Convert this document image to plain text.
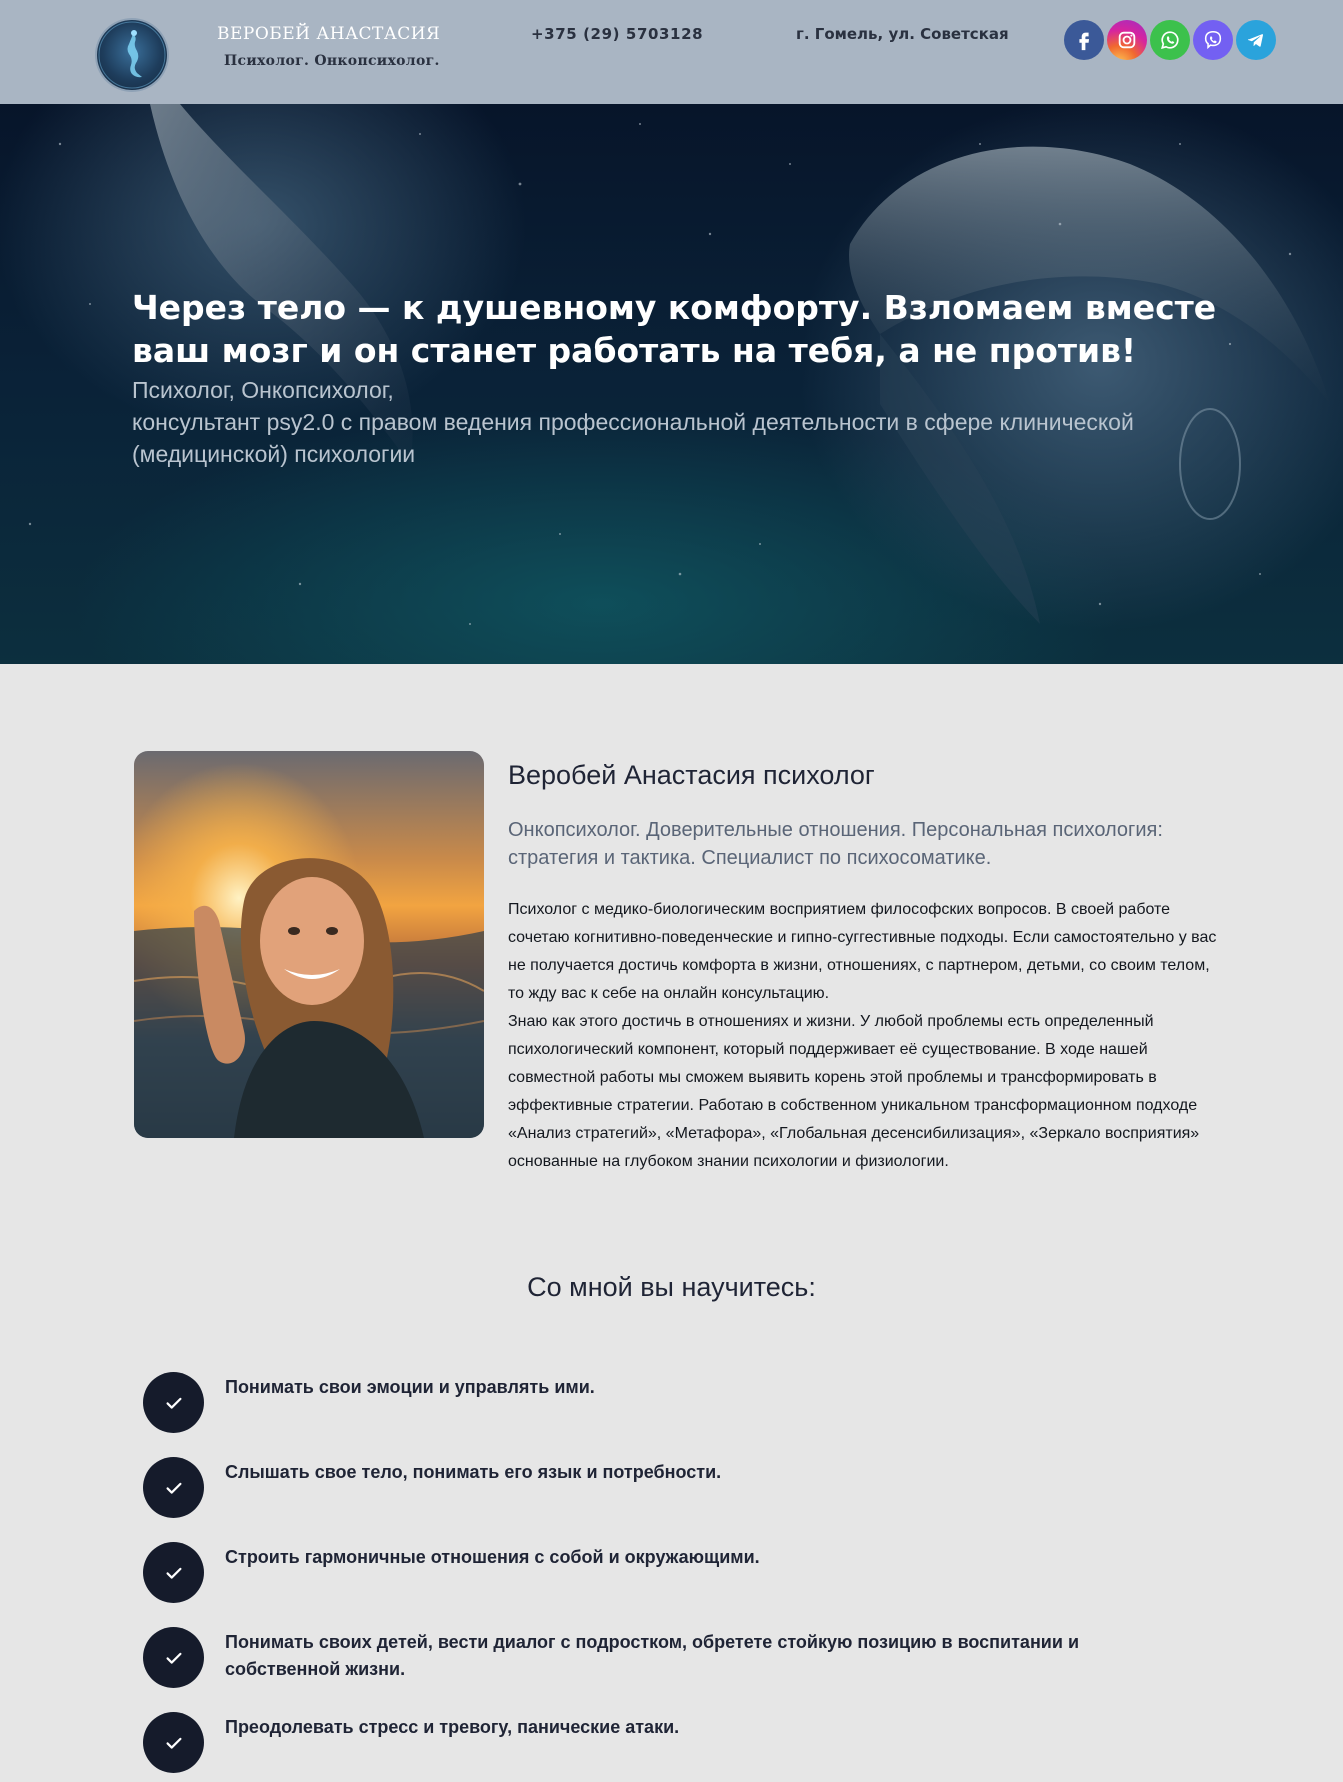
ВЕРОБЕЙ АНАСТАСИЯ
Психолог. Онкопсихолог.
+375 (29) 5703128	г. Гомель, ул. Советская
Через тело — к душевному комфорту. Взломаем вместе ваш мозг и он станет работать на тебя, а не против!
Психолог, Онкопсихолог,
консультант psy2.0 с правом ведения профессиональной деятельности в сфере клинической (медицинской) психологии
Веробей Анастасия психолог
Онкопсихолог. Доверительные отношения. Персональная психология: стратегия и тактика. Специалист по психосоматике.
Психолог с медико-биологическим восприятием философских вопросов. В своей работе сочетаю когнитивно-поведенческие и гипно-суггестивные подходы. Если самостоятельно у вас не получается достичь комфорта в жизни, отношениях, с партнером, детьми, со своим телом, то жду вас к себе на онлайн консультацию.
Знаю как этого достичь в отношениях и жизни. У любой проблемы есть определенный психологический компонент, который поддерживает её существование. В ходе нашей совместной работы мы сможем выявить корень этой проблемы и трансформировать в эффективные стратегии. Работаю в собственном уникальном трансформационном подходе «Анализ стратегий», «Метафора», «Глобальная десенсибилизация», «Зеркало восприятия» основанные на глубоком знании психологии и физиологии.
Со мной вы научитесь:
Понимать свои эмоции и управлять ими.
Слышать свое тело, понимать его язык и потребности.
Строить гармоничные отношения с собой и окружающими.
Понимать своих детей, вести диалог с подростком, обретете стойкую позицию в воспитании и собственной жизни.
Преодолевать стресс и тревогу, панические атаки.
